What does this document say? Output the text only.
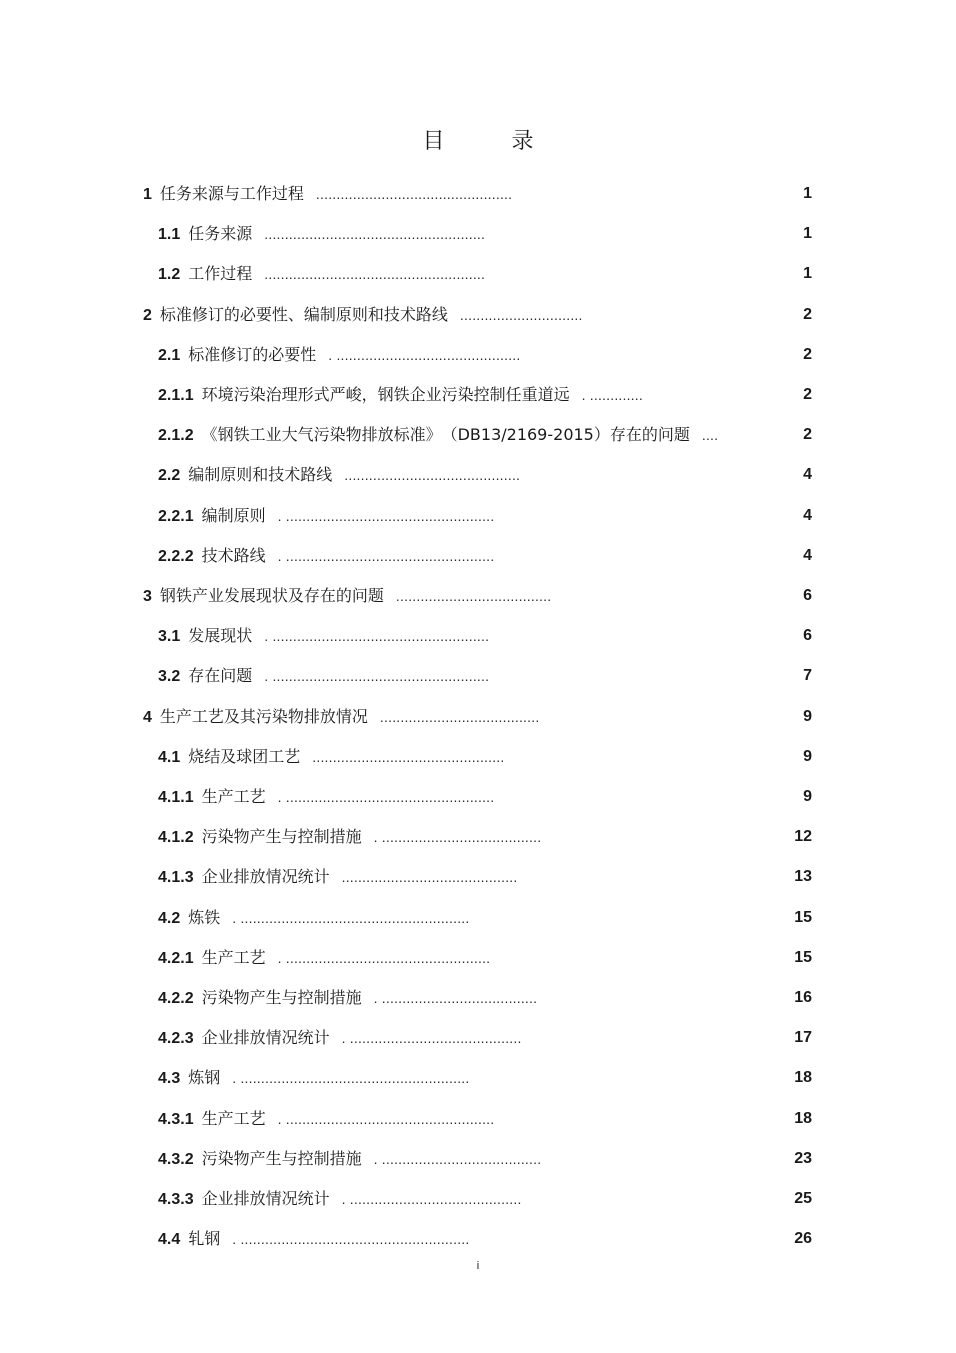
目 录
1 任务来源与工作过程 ................................................	1
1.1 任务来源 ......................................................	1
1.2 工作过程 ......................................................	1
2 标准修订的必要性、编制原则和技术路线 ..............................	2
2.1 标准修订的必要性 . .............................................	2
2.1.1 环境污染治理形式严峻，钢铁企业污染控制任重道远 . .............	2
2.1.2 《钢铁工业大气污染物排放标准》　（DB13/2169-2015）存在的问题 ....	2
2.2 编制原则和技术路线 ...........................................	4
2.2.1 编制原则 . ...................................................	4
2.2.2 技术路线 . ...................................................	4
3 钢铁产业发展现状及存在的问题 ......................................	6
3.1 发展现状 . .....................................................	6
3.2 存在问题 . .....................................................	7
4 生产工艺及其污染物排放情况 .......................................	9
4.1 烧结及球团工艺 ...............................................	9
4.1.1 生产工艺 . ...................................................	9
4.1.2 污染物产生与控制措施 . .......................................	12
4.1.3 企业排放情况统计 ...........................................	13
4.2 炼铁 . ........................................................	15
4.2.1 生产工艺 . ..................................................	15
4.2.2 污染物产生与控制措施 . ......................................	16
4.2.3 企业排放情况统计 . ..........................................	17
4.3 炼钢 . ........................................................	18
4.3.1 生产工艺 . ...................................................	18
4.3.2 污染物产生与控制措施 . .......................................	23
4.3.3 企业排放情况统计 . ..........................................	25
4.4 轧钢 . ........................................................	26
i
